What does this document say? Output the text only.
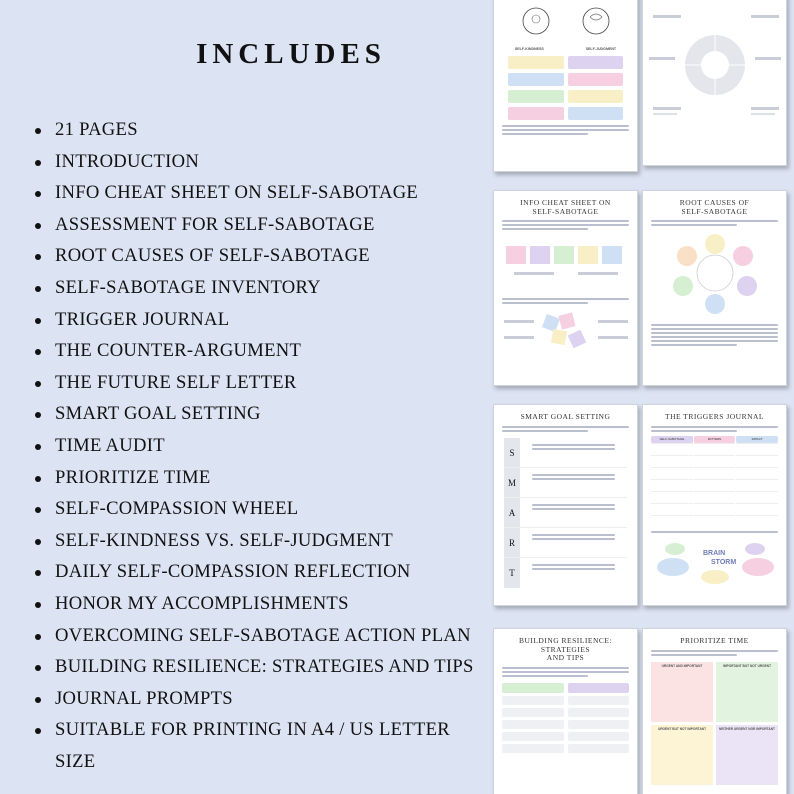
INCLUDES
21 PAGES
INTRODUCTION
INFO CHEAT SHEET ON SELF-SABOTAGE
ASSESSMENT FOR SELF-SABOTAGE
ROOT CAUSES OF SELF-SABOTAGE
SELF-SABOTAGE INVENTORY
TRIGGER JOURNAL
THE COUNTER-ARGUMENT
THE FUTURE SELF LETTER
SMART GOAL SETTING
TIME AUDIT
PRIORITIZE TIME
SELF-COMPASSION WHEEL
SELF-KINDNESS VS. SELF-JUDGMENT
DAILY SELF-COMPASSION REFLECTION
HONOR MY ACCOMPLISHMENTS
OVERCOMING SELF-SABOTAGE ACTION PLAN
BUILDING RESILIENCE: STRATEGIES AND TIPS
JOURNAL PROMPTS
SUITABLE FOR PRINTING IN A4 / US LETTER
SIZE
SELF-KINDNESS	SELF-JUDGMENT
INFO CHEAT SHEET ON
SELF-SABOTAGE
ROOT CAUSES OF
SELF-SABOTAGE
SMART GOAL SETTING
S
M
A
R
T
THE TRIGGERS JOURNAL
SELF-SABOTAGE	PATTERN	IMPACT
BRAIN
STORM
BUILDING RESILIENCE: STRATEGIES
AND TIPS
PRIORITIZE TIME
URGENT AND IMPORTANT	IMPORTANT BUT NOT URGENT
URGENT BUT NOT IMPORTANT	NEITHER URGENT NOR IMPORTANT
